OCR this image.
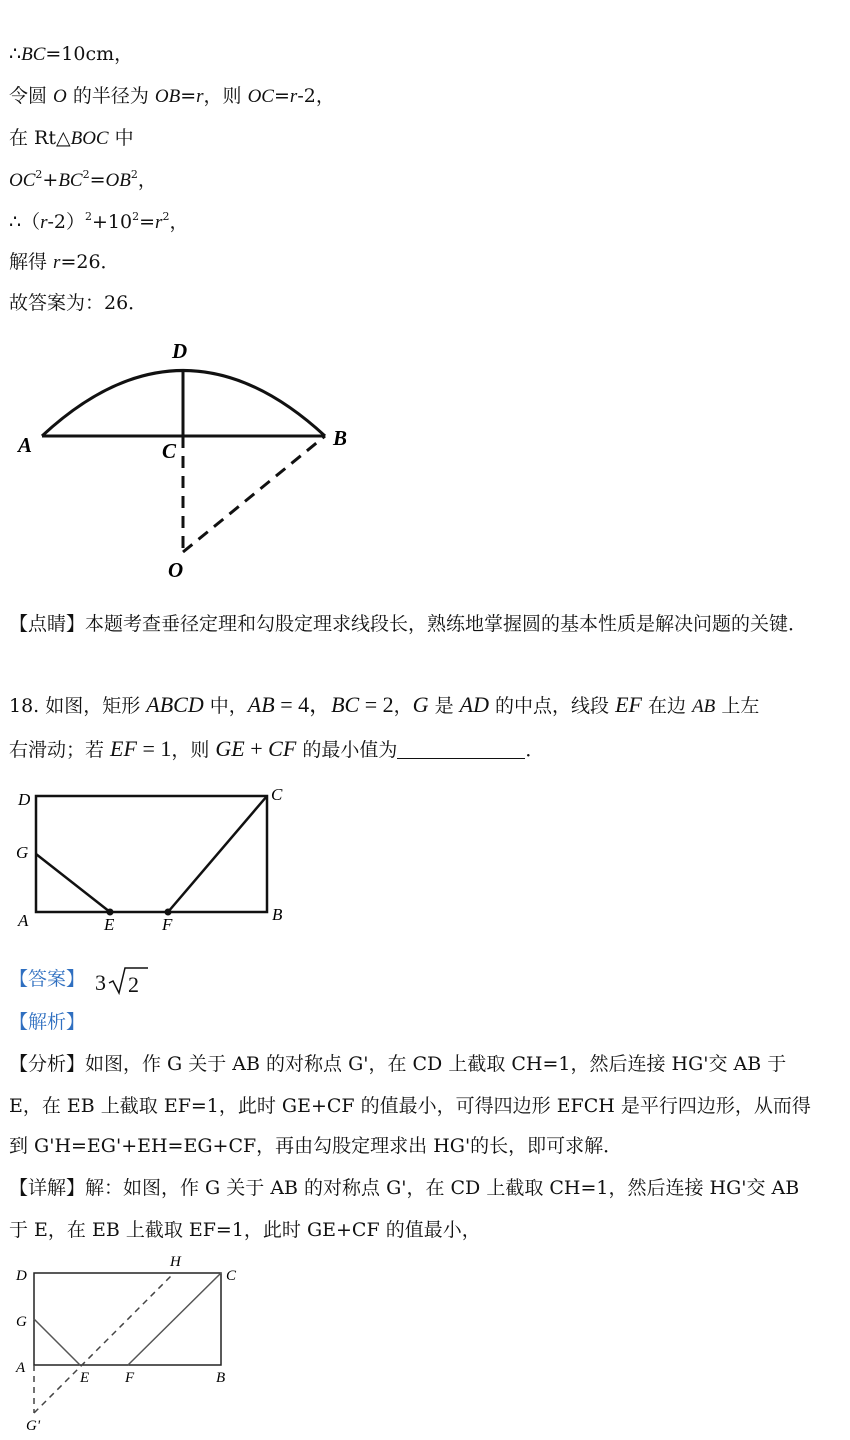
∴BC=10cm，
令圆 O 的半径为 OB=r，则 OC=r-2，
在 Rt△BOC 中
$OC^2+BC^2=OB^2$，
$\therefore(r-2)^2+10^2=r^2$，
解得 r=26．
故答案为：26．
D
A	C
B
O
【点睛】本题考查垂径定理和勾股定理求线段长，熟练地掌握圆的基本性质是解决问题的关键．
18. 如图，矩形 ABCD 中，AB = 4，BC = 2，G 是 AD 的中点，线段 EF 在边 AB 上左
右滑动；若 EF = 1，则 GE + CF 的最小值为	．
D	C
G
A	E	F
B
【答案】 3 2
【解析】
【分析】如图，作 G 关于 AB 的对称点 G'，在 CD 上截取 CH=1，然后连接 HG'交 AB 于
E，在 EB 上截取 EF=1，此时 GE+CF 的值最小，可得四边形 EFCH 是平行四边形，从而得
到 G'H=EG'+EH=EG+CF，再由勾股定理求出 HG'的长，即可求解．
【详解】解：如图，作 G 关于 AB 的对称点 G'，在 CD 上截取 CH=1，然后连接 HG'交 AB
于 E，在 EB 上截取 EF=1，此时 GE+CF 的值最小，
D
H
C
G
A
E F	B
G'
